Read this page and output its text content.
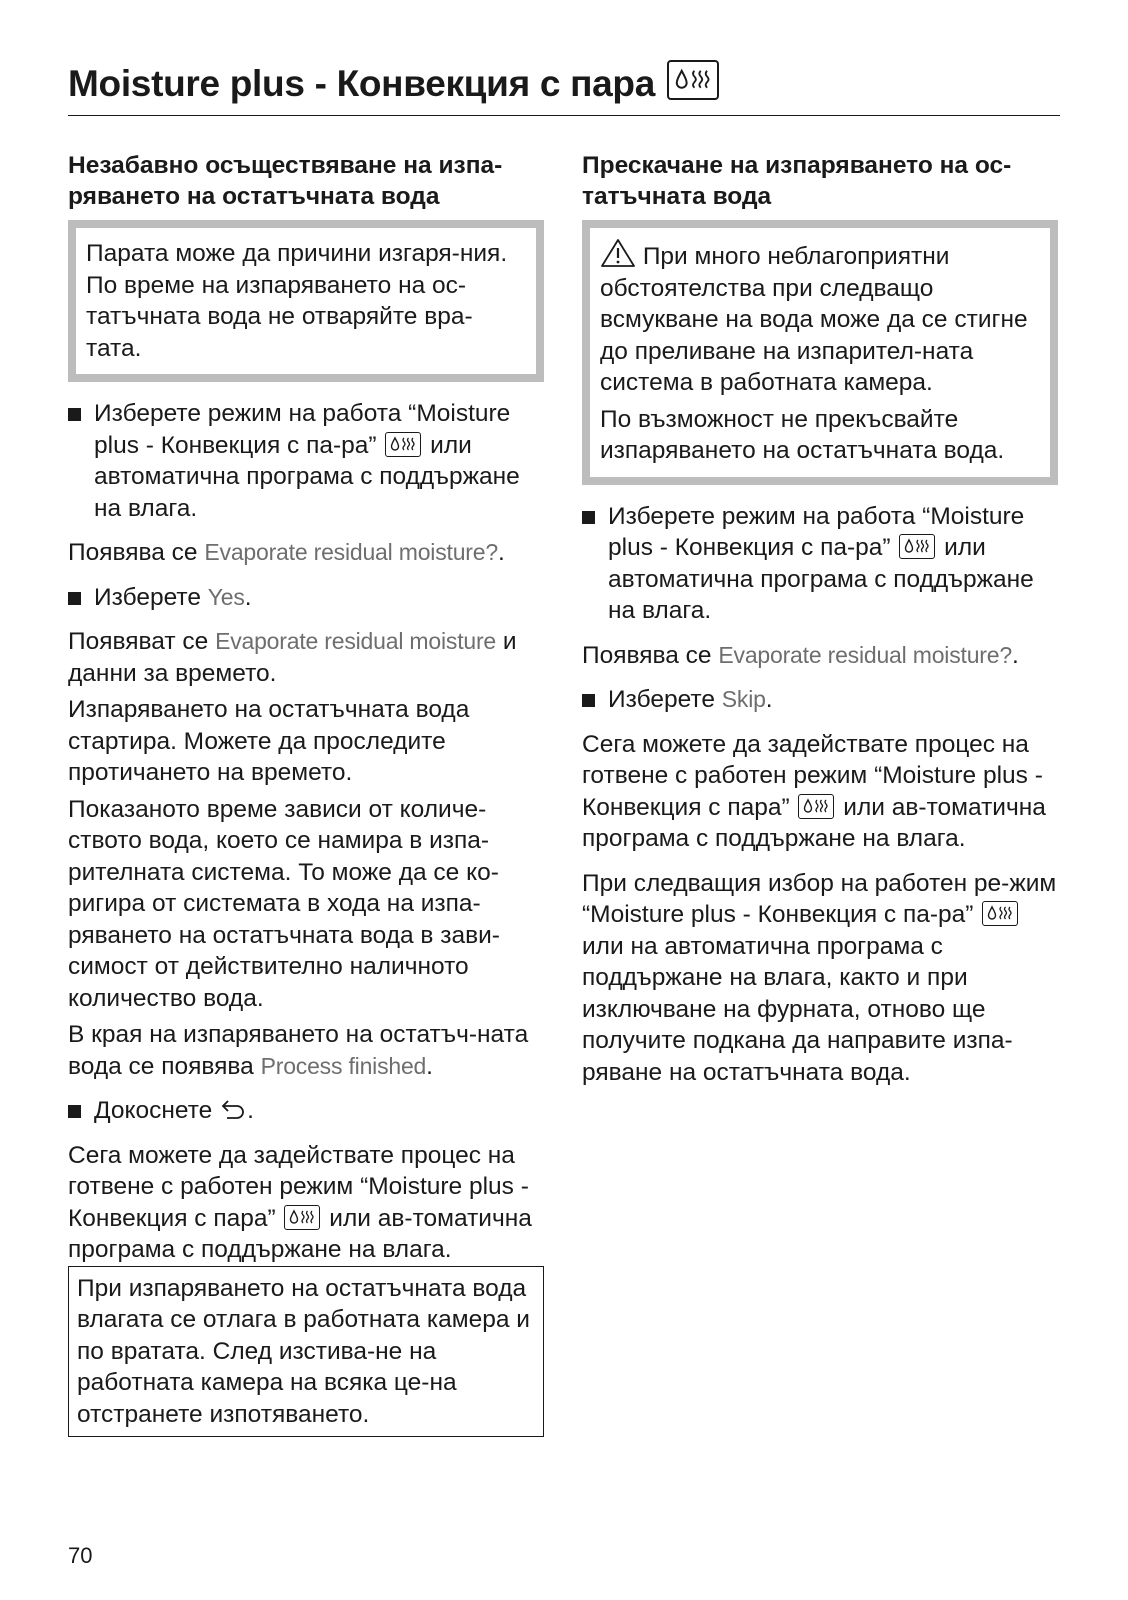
Moisture plus - Конвекция с пара
Незабавно осъществяване на изпа-ряването на остатъчната вода

Парата може да причини изгаря-ния.

По време на изпаряването на ос-татъчната вода не отваряйте вра-тата.

Изберете режим на работа “Moisture plus - Конвекция с па-ра” или автоматична програма с поддържане на влага.

Появява се Evaporate residual moisture?.

Изберете Yes.

Появяват се Evaporate residual moisture и данни за времето.

Изпаряването на остатъчната вода стартира. Можете да проследите протичането на времето.

Показаното време зависи от количе-ството вода, което се намира в изпа-рителната система. То може да се ко-ригира от системата в хода на изпа-ряването на остатъчната вода в зави-симост от действително наличното количество вода.

В края на изпаряването на остатъч-ната вода се появява Process finished.

Докоснете .

Сега можете да задействате процес на готвене с работен режим “Moisture plus - Конвекция с пара” или ав-томатична програма с поддържане на влага.

При изпаряването на остатъчната вода влагата се отлага в работната камера и по вратата. След изстива-не на работната камера на всяка це-на отстранете изпотяването.

Прескачане на изпаряването на ос-татъчната вода

При много неблагоприятни обстоятелства при следващо всмукване на вода може да се стигне до преливане на изпарител-ната система в работната камера.

По възможност не прекъсвайте изпаряването на остатъчната вода.

Изберете режим на работа “Moisture plus - Конвекция с па-ра” или автоматична програма с поддържане на влага.

Появява се Evaporate residual moisture?.

Изберете Skip.

Сега можете да задействате процес на готвене с работен режим “Moisture plus - Конвекция с пара” или ав-томатична програма с поддържане на влага.

При следващия избор на работен ре-жим “Moisture plus - Конвекция с па-ра”
или на автоматична програма с поддържане на влага, както и при изключване на фурната, отново ще получите подкана да направите изпа-ряване на остатъчната вода.

70
